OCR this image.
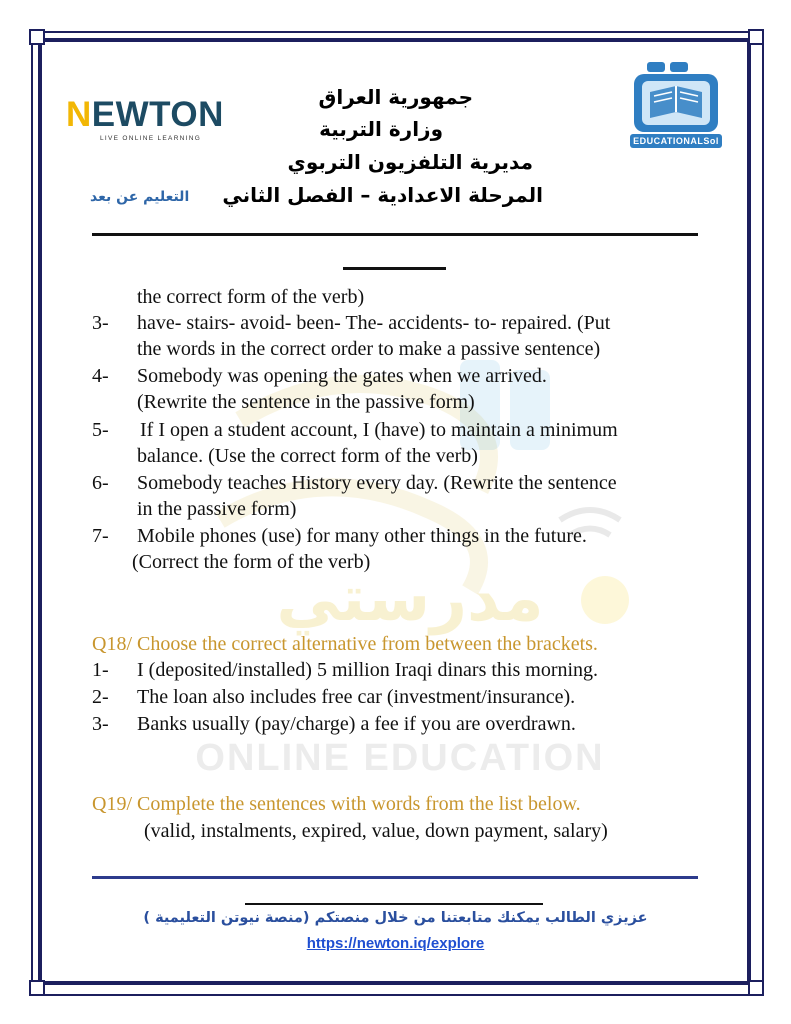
مدرستي
ONLINE EDUCATION
NEWTON
LIVE ONLINE LEARNING	EDUCATIONALSol
جمهورية العراق
وزارة التربية
مديرية التلفزيون التربوي
المرحلة الاعدادية – الفصل الثاني
التعليم عن بعد
the correct form of the verb)
3- have- stairs- avoid- been- The- accidents- to- repaired. (Put
the words in the correct order to make a passive sentence)
4- Somebody was opening the gates when we arrived.
(Rewrite the sentence in the passive form)
5- If I open a student account, I (have) to maintain a minimum
balance. (Use the correct form of the verb)
6- Somebody teaches History every day. (Rewrite the sentence
in the passive form)
7- Mobile phones (use) for many other things in the future.
(Correct the form of the verb)
Q18/ Choose the correct alternative from between the brackets.
1- I (deposited/installed) 5 million Iraqi dinars this morning.
2- The loan also includes free car (investment/insurance).
3- Banks usually (pay/charge) a fee if you are overdrawn.
Q19/ Complete the sentences with words from the list below.
(valid, instalments, expired, value, down payment, salary)
عزيزي الطالب يمكنك متابعتنا من خلال منصتكم (منصة نيوتن التعليمية )
https://newton.iq/explore
